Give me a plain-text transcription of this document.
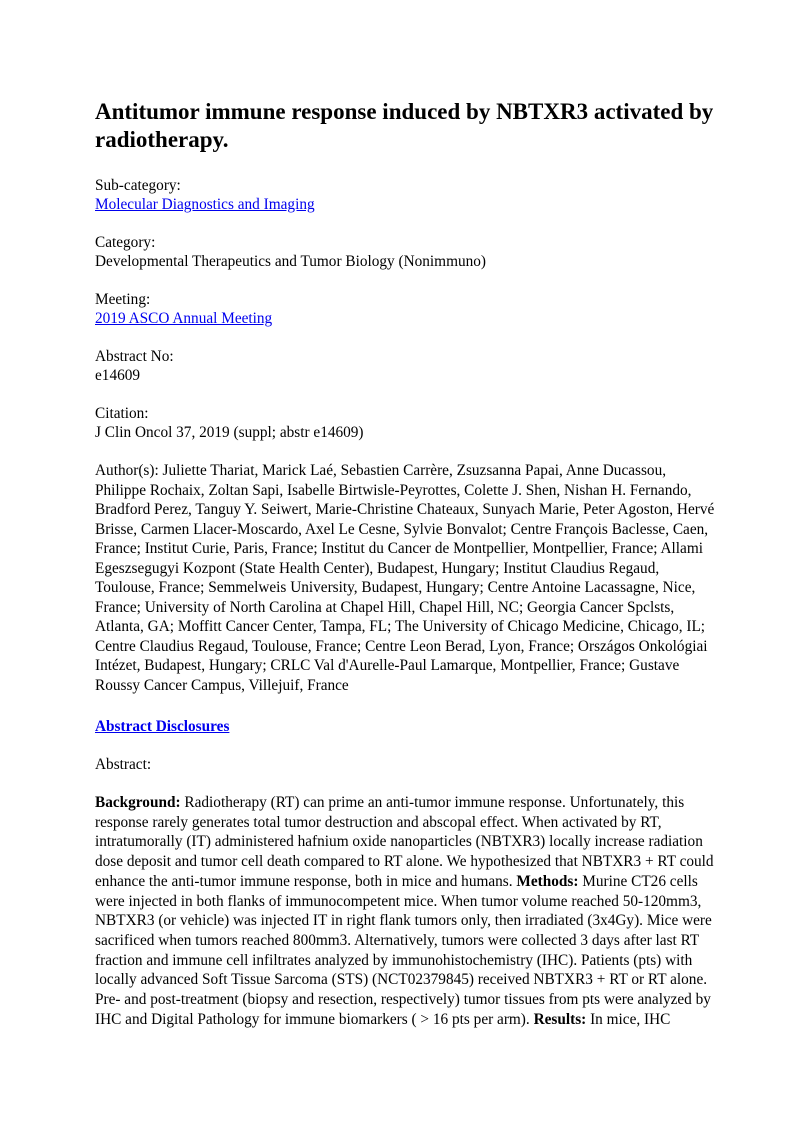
Antitumor immune response induced by NBTXR3 activated by radiotherapy.
Sub-category:
Molecular Diagnostics and Imaging
Category:
Developmental Therapeutics and Tumor Biology (Nonimmuno)
Meeting:
2019 ASCO Annual Meeting
Abstract No:
e14609
Citation:
J Clin Oncol 37, 2019 (suppl; abstr e14609)
Author(s): Juliette Thariat, Marick Laé, Sebastien Carrère, Zsuzsanna Papai, Anne Ducassou, Philippe Rochaix, Zoltan Sapi, Isabelle Birtwisle-Peyrottes, Colette J. Shen, Nishan H. Fernando, Bradford Perez, Tanguy Y. Seiwert, Marie-Christine Chateaux, Sunyach Marie, Peter Agoston, Hervé Brisse, Carmen Llacer-Moscardo, Axel Le Cesne, Sylvie Bonvalot; Centre François Baclesse, Caen, France; Institut Curie, Paris, France; Institut du Cancer de Montpellier, Montpellier, France; Allami Egeszsegugyi Kozpont (State Health Center), Budapest, Hungary; Institut Claudius Regaud, Toulouse, France; Semmelweis University, Budapest, Hungary; Centre Antoine Lacassagne, Nice, France; University of North Carolina at Chapel Hill, Chapel Hill, NC; Georgia Cancer Spclsts, Atlanta, GA; Moffitt Cancer Center, Tampa, FL; The University of Chicago Medicine, Chicago, IL; Centre Claudius Regaud, Toulouse, France; Centre Leon Berad, Lyon, France; Országos Onkológiai Intézet, Budapest, Hungary; CRLC Val d'Aurelle-Paul Lamarque, Montpellier, France; Gustave Roussy Cancer Campus, Villejuif, France
Abstract Disclosures
Abstract:
Background: Radiotherapy (RT) can prime an anti-tumor immune response. Unfortunately, this response rarely generates total tumor destruction and abscopal effect. When activated by RT, intratumorally (IT) administered hafnium oxide nanoparticles (NBTXR3) locally increase radiation dose deposit and tumor cell death compared to RT alone. We hypothesized that NBTXR3 + RT could enhance the anti-tumor immune response, both in mice and humans. Methods: Murine CT26 cells were injected in both flanks of immunocompetent mice. When tumor volume reached 50-120mm3, NBTXR3 (or vehicle) was injected IT in right flank tumors only, then irradiated (3x4Gy). Mice were sacrificed when tumors reached 800mm3. Alternatively, tumors were collected 3 days after last RT fraction and immune cell infiltrates analyzed by immunohistochemistry (IHC). Patients (pts) with locally advanced Soft Tissue Sarcoma (STS) (NCT02379845) received NBTXR3 + RT or RT alone. Pre- and post-treatment (biopsy and resection, respectively) tumor tissues from pts were analyzed by IHC and Digital Pathology for immune biomarkers ( > 16 pts per arm). Results: In mice, IHC
